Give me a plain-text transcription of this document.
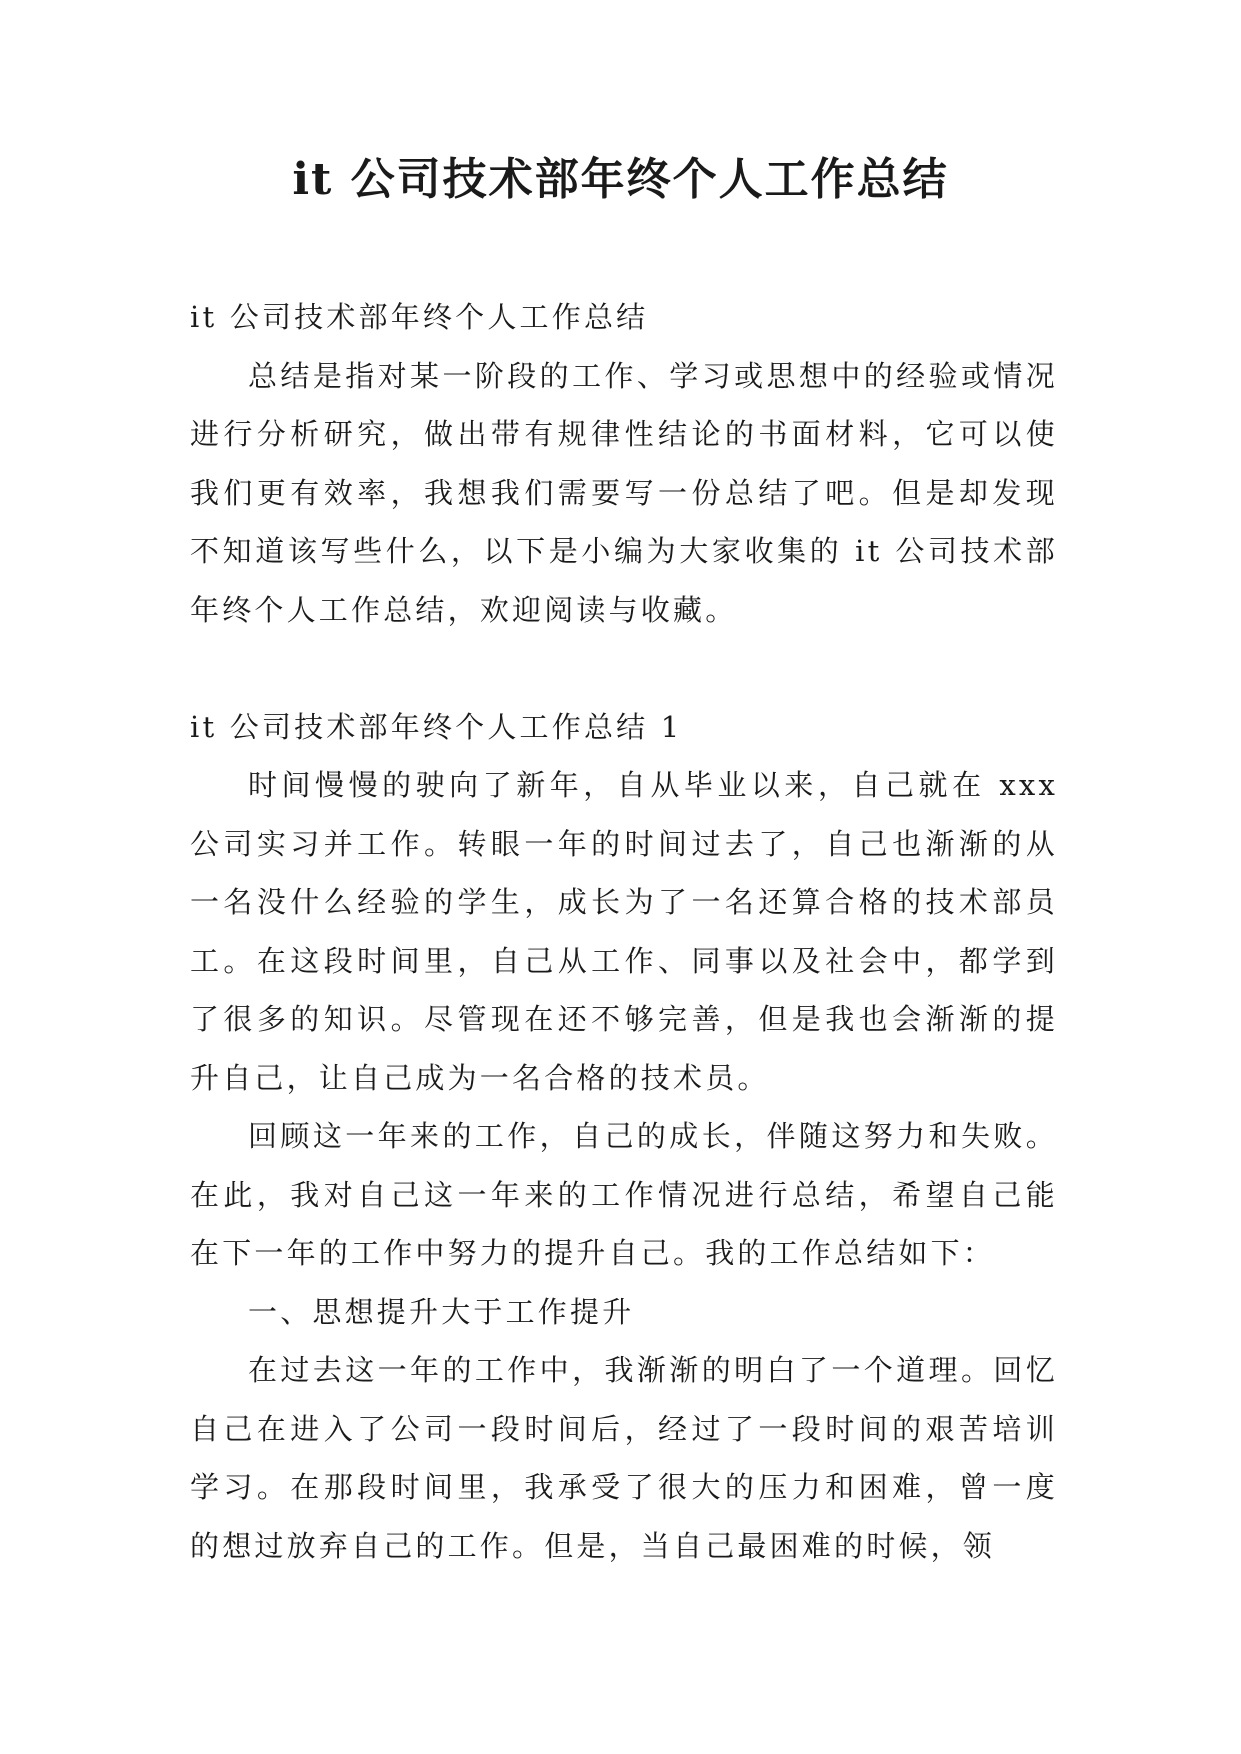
it 公司技术部年终个人工作总结

it 公司技术部年终个人工作总结

总结是指对某一阶段的工作、学习或思想中的经验或情况进行分析研究，做出带有规律性结论的书面材料，它可以使我们更有效率，我想我们需要写一份总结了吧。但是却发现不知道该写些什么，以下是小编为大家收集的 it 公司技术部年终个人工作总结，欢迎阅读与收藏。

it 公司技术部年终个人工作总结 1

时间慢慢的驶向了新年，自从毕业以来，自己就在 xxx 公司实习并工作。转眼一年的时间过去了，自己也渐渐的从一名没什么经验的学生，成长为了一名还算合格的技术部员工。在这段时间里，自己从工作、同事以及社会中，都学到了很多的知识。尽管现在还不够完善，但是我也会渐渐的提升自己，让自己成为一名合格的技术员。

回顾这一年来的工作，自己的成长，伴随这努力和失败。在此，我对自己这一年来的工作情况进行总结，希望自己能在下一年的工作中努力的提升自己。我的工作总结如下：

一、思想提升大于工作提升

在过去这一年的工作中，我渐渐的明白了一个道理。回忆自己在进入了公司一段时间后，经过了一段时间的艰苦培训学习。在那段时间里，我承受了很大的压力和困难，曾一度的想过放弃自己的工作。但是，当自己最困难的时候，领
